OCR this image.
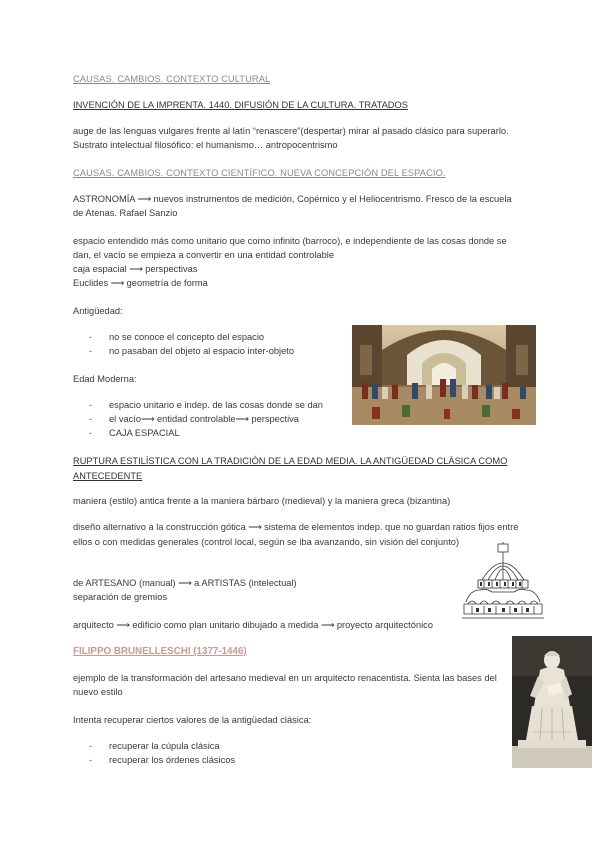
CAUSAS. CAMBIOS. CONTEXTO CULTURAL
INVENCIÓN DE LA IMPRENTA. 1440. DIFUSIÓN DE LA CULTURA. TRATADOS
auge de las lenguas vulgares frente al latín “renascere”(despertar) mirar al pasado clásico para superarlo. Sustrato intelectual filosófico: el humanismo… antropocentrismo
CAUSAS. CAMBIOS. CONTEXTO CIENTÍFICO. NUEVA CONCEPCIÓN DEL ESPACIO.
ASTRONOMÍA ⟶ nuevos instrumentos de medición, Copérnico y el Heliocentrismo. Fresco de la escuela de Atenas. Rafael Sanzio
espacio entendido más como unitario que como infinito (barroco), e independiente de las cosas donde se dan, el vacío se empieza a convertir en una entidad controlable
caja espacial ⟶ perspectivas
Euclides ⟶ geometría de forma
Antigüedad:
- no se conoce el concepto del espacio
- no pasaban del objeto al espacio inter-objeto
Edad Moderna:
- espacio unitario e indep. de las cosas donde se dan
- el vacío⟶ entidad controlable⟶ perspectiva
- CAJA ESPACIAL
RUPTURA ESTILÍSTICA CON LA TRADICIÓN DE LA EDAD MEDIA. LA ANTIGÜEDAD CLÁSICA COMO ANTECEDENTE
maniera (estilo) antica frente a la maniera bárbaro (medieval) y la maniera greca (bizantina)
diseño alternativo a la construcción gótica ⟶ sistema de elementos indep. que no guardan ratios fijos entre ellos o con medidas generales (control local, según se iba avanzando, sin visión del conjunto)
de ARTESANO (manual) ⟶ a ARTISTAS (intelectual)
separación de gremios
arquitecto ⟶ edificio como plan unitario dibujado a medida ⟶ proyecto arquitectónico
FILIPPO BRUNELLESCHI (1377-1446)
ejemplo de la transformación del artesano medieval en un arquitecto renacentista. Sienta las bases del nuevo estilo
Intenta recuperar ciertos valores de la antigüedad clásica:
- recuperar la cúpula clásica
- recuperar los órdenes clásicos
